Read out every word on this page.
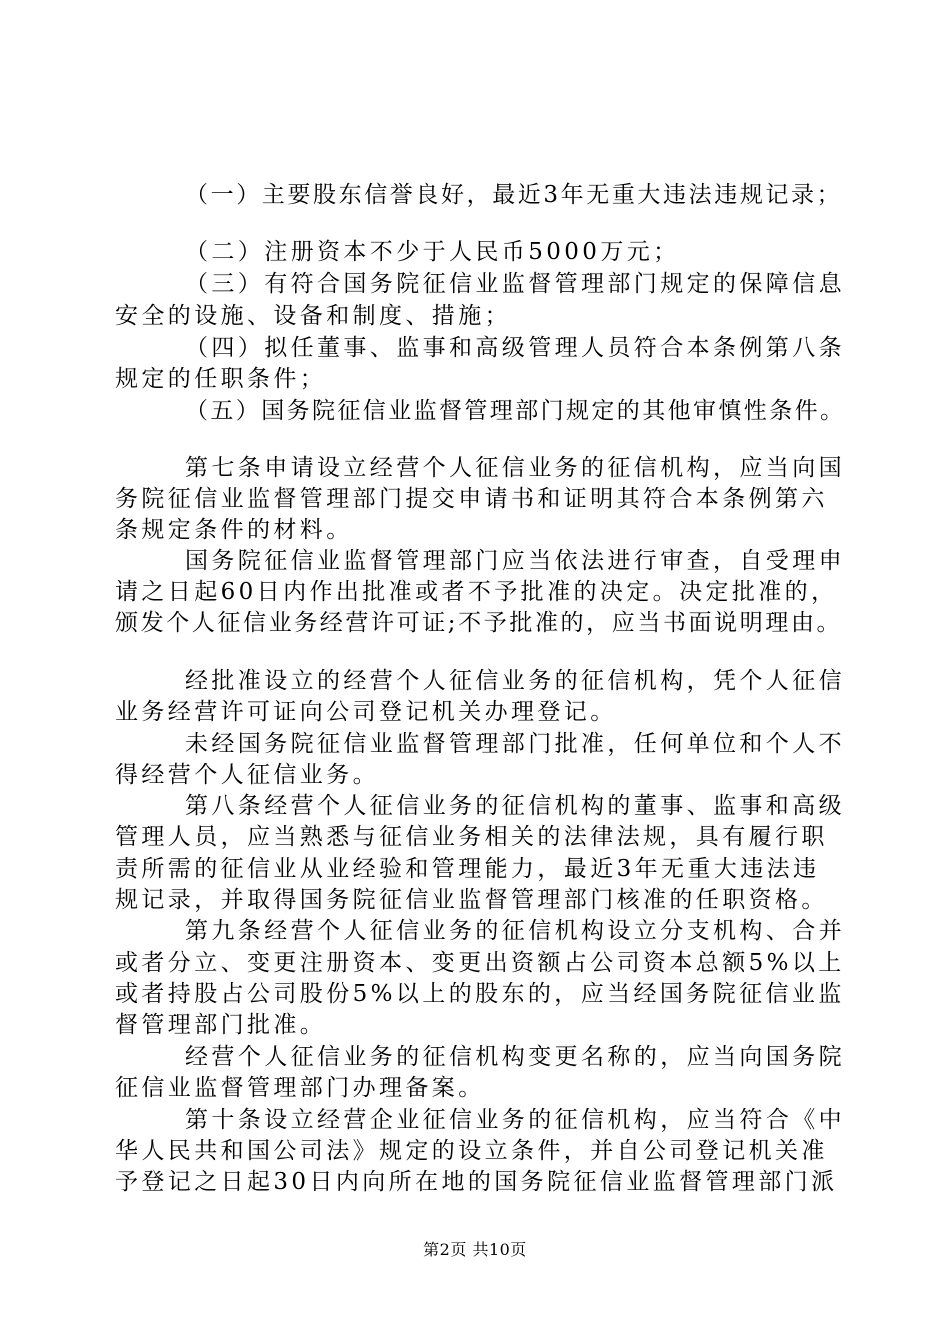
（一）主要股东信誉良好，最近3年无重大违法违规记录；
（二）注册资本不少于人民币5000万元；
（三）有符合国务院征信业监督管理部门规定的保障信息
安全的设施、设备和制度、措施；
（四）拟任董事、监事和高级管理人员符合本条例第八条
规定的任职条件；
（五）国务院征信业监督管理部门规定的其他审慎性条件。
第七条申请设立经营个人征信业务的征信机构，应当向国
务院征信业监督管理部门提交申请书和证明其符合本条例第六
条规定条件的材料。
国务院征信业监督管理部门应当依法进行审查，自受理申
请之日起60日内作出批准或者不予批准的决定。决定批准的，
颁发个人征信业务经营许可证;不予批准的，应当书面说明理由。
经批准设立的经营个人征信业务的征信机构，凭个人征信
业务经营许可证向公司登记机关办理登记。
未经国务院征信业监督管理部门批准，任何单位和个人不
得经营个人征信业务。
第八条经营个人征信业务的征信机构的董事、监事和高级
管理人员，应当熟悉与征信业务相关的法律法规，具有履行职
责所需的征信业从业经验和管理能力，最近3年无重大违法违
规记录，并取得国务院征信业监督管理部门核准的任职资格。
第九条经营个人征信业务的征信机构设立分支机构、合并
或者分立、变更注册资本、变更出资额占公司资本总额5%以上
或者持股占公司股份5%以上的股东的，应当经国务院征信业监
督管理部门批准。
经营个人征信业务的征信机构变更名称的，应当向国务院
征信业监督管理部门办理备案。
第十条设立经营企业征信业务的征信机构，应当符合《中
华人民共和国公司法》规定的设立条件，并自公司登记机关准
予登记之日起30日内向所在地的国务院征信业监督管理部门派
第2页 共10页
